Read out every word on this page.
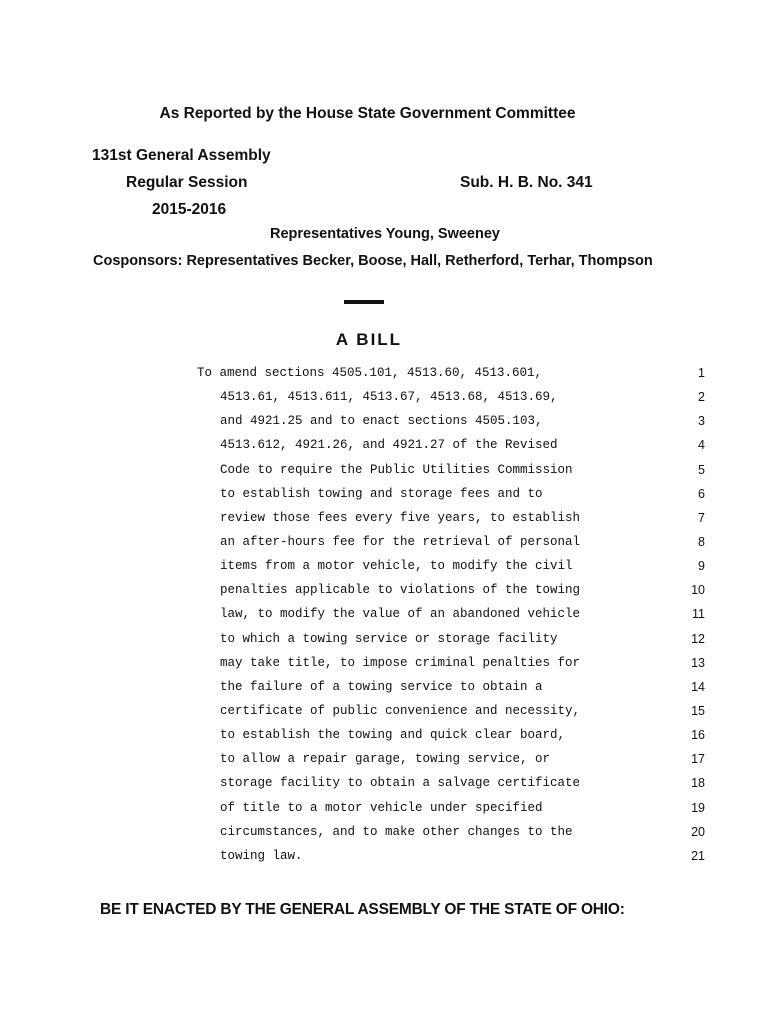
As Reported by the House State Government Committee
131st General Assembly
Regular Session	Sub. H. B. No. 341
2015-2016
Representatives Young, Sweeney
Cosponsors: Representatives Becker, Boose, Hall, Retherford, Terhar, Thompson
A BILL
To amend sections 4505.101, 4513.60, 4513.601,	1
4513.61, 4513.611, 4513.67, 4513.68, 4513.69,	2
and 4921.25 and to enact sections 4505.103,	3
4513.612, 4921.26, and 4921.27 of the Revised	4
Code to require the Public Utilities Commission	5
to establish towing and storage fees and to	6
review those fees every five years, to establish	7
an after-hours fee for the retrieval of personal	8
items from a motor vehicle, to modify the civil	9
penalties applicable to violations of the towing	10
law, to modify the value of an abandoned vehicle	11
to which a towing service or storage facility	12
may take title, to impose criminal penalties for	13
the failure of a towing service to obtain a	14
certificate of public convenience and necessity,	15
to establish the towing and quick clear board,	16
to allow a repair garage, towing service, or	17
storage facility to obtain a salvage certificate	18
of title to a motor vehicle under specified	19
circumstances, and to make other changes to the	20
towing law.	21
BE IT ENACTED BY THE GENERAL ASSEMBLY OF THE STATE OF OHIO:
